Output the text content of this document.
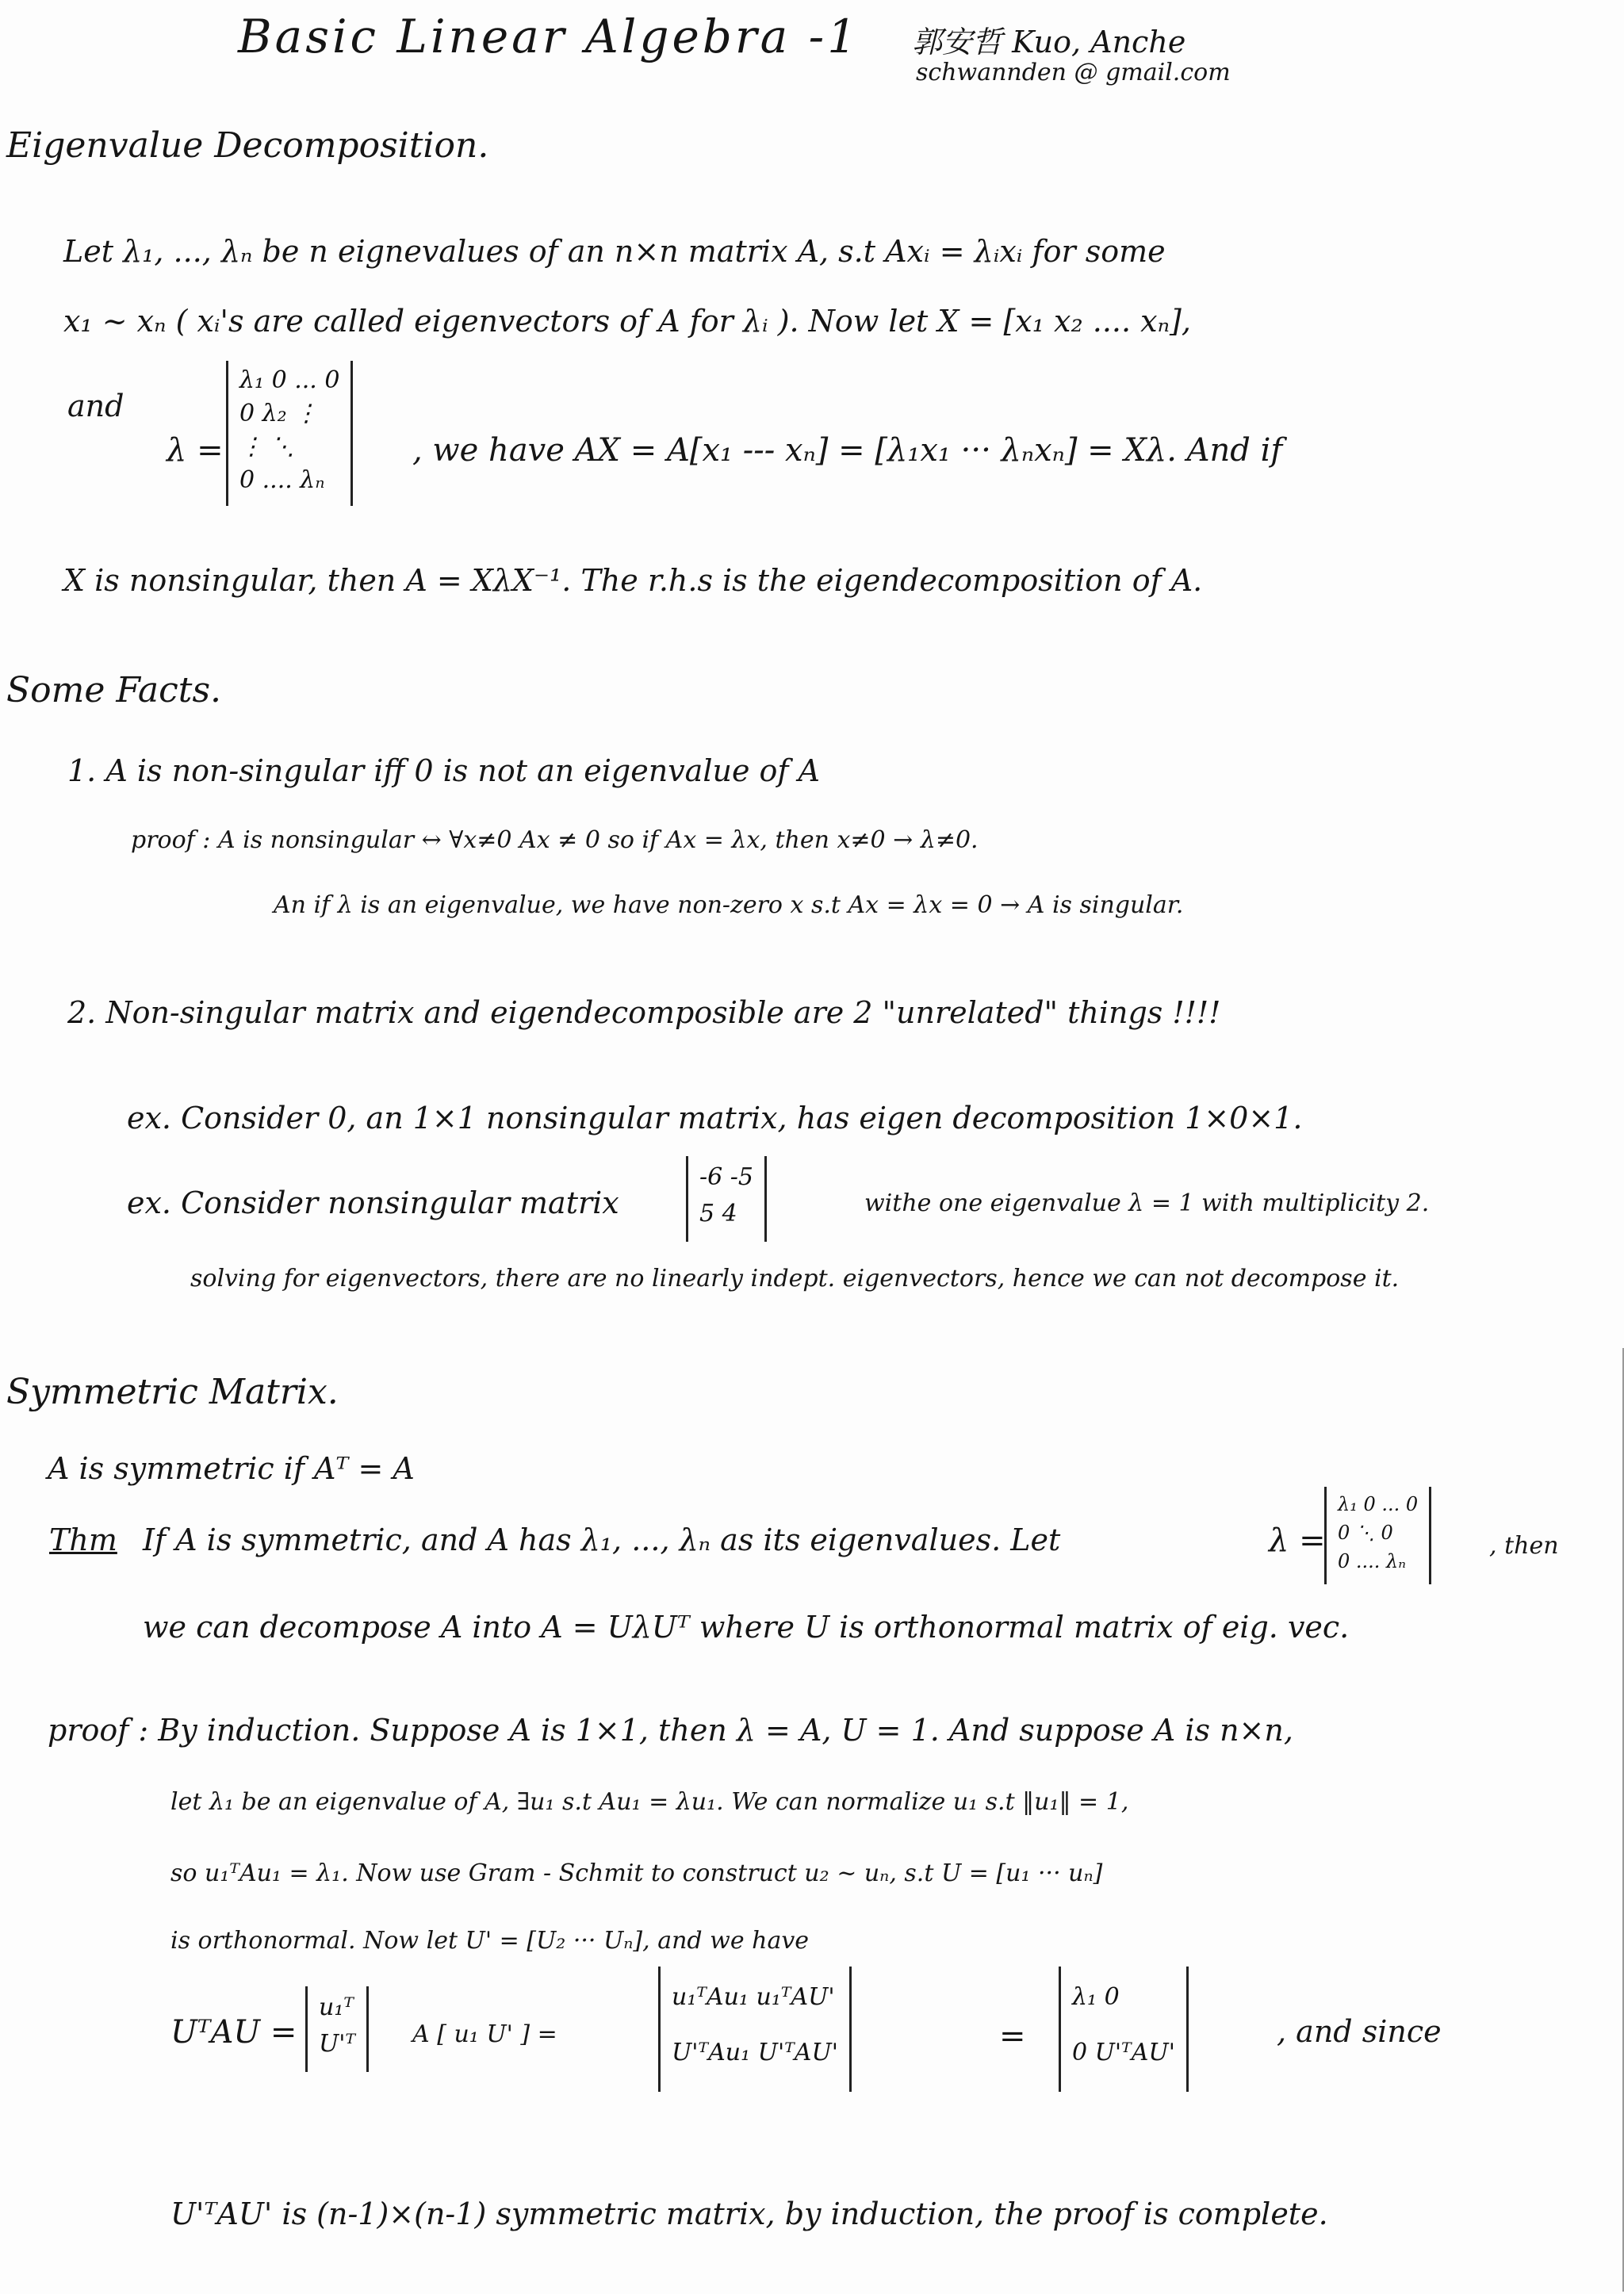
Basic Linear Algebra -1 郭安哲 Kuo, Anche
schwannden @ gmail.com
Eigenvalue Decomposition.
Let λ₁, ..., λₙ be n eignevalues of an n×n matrix A, s.t Axᵢ = λᵢxᵢ for some
x₁ ~ xₙ ( xᵢ's are called eigenvectors of A for λᵢ ). Now let X = [x₁ x₂ .... xₙ],
and
λ =
λ₁ 0 ... 0
0 λ₂ ⋮
⋮ ⋱
0 .... λₙ
, we have AX = A[x₁ --- xₙ] = [λ₁x₁ ··· λₙxₙ] = Xλ. And if
X is nonsingular, then A = XλX⁻¹. The r.h.s is the eigendecomposition of A.
Some Facts.
1. A is non-singular iff 0 is not an eigenvalue of A
proof : A is nonsingular ↔ ∀x≠0 Ax ≠ 0 so if Ax = λx, then x≠0 → λ≠0.
An if λ is an eigenvalue, we have non-zero x s.t Ax = λx = 0 → A is singular.
2. Non-singular matrix and eigendecomposible are 2 "unrelated" things !!!!
ex. Consider 0, an 1×1 nonsingular matrix, has eigen decomposition 1×0×1.
ex. Consider nonsingular matrix
-6 -5
5 4	withe one eigenvalue λ = 1 with multiplicity 2.
solving for eigenvectors, there are no linearly indept. eigenvectors, hence we can not decompose it.
Symmetric Matrix.
A is symmetric if Aᵀ = A
Thm If A is symmetric, and A has λ₁, ..., λₙ as its eigenvalues. Let	λ =
λ₁ 0 ... 0
0 ⋱ 0
0 .... λₙ
, then
we can decompose A into A = UλUᵀ where U is orthonormal matrix of eig. vec.
proof : By induction. Suppose A is 1×1, then λ = A, U = 1. And suppose A is n×n,
let λ₁ be an eigenvalue of A, ∃u₁ s.t Au₁ = λu₁. We can normalize u₁ s.t ‖u₁‖ = 1,
so u₁ᵀAu₁ = λ₁. Now use Gram - Schmit to construct u₂ ~ uₙ, s.t U = [u₁ ··· uₙ]
is orthonormal. Now let U' = [U₂ ··· Uₙ], and we have
UᵀAU =
u₁ᵀ
U'ᵀ A [ u₁ U' ] =
u₁ᵀAu₁ u₁ᵀAU'
U'ᵀAu₁ U'ᵀAU'	=
λ₁ 0
0 U'ᵀAU'
, and since
U'ᵀAU' is (n-1)×(n-1) symmetric matrix, by induction, the proof is complete.
